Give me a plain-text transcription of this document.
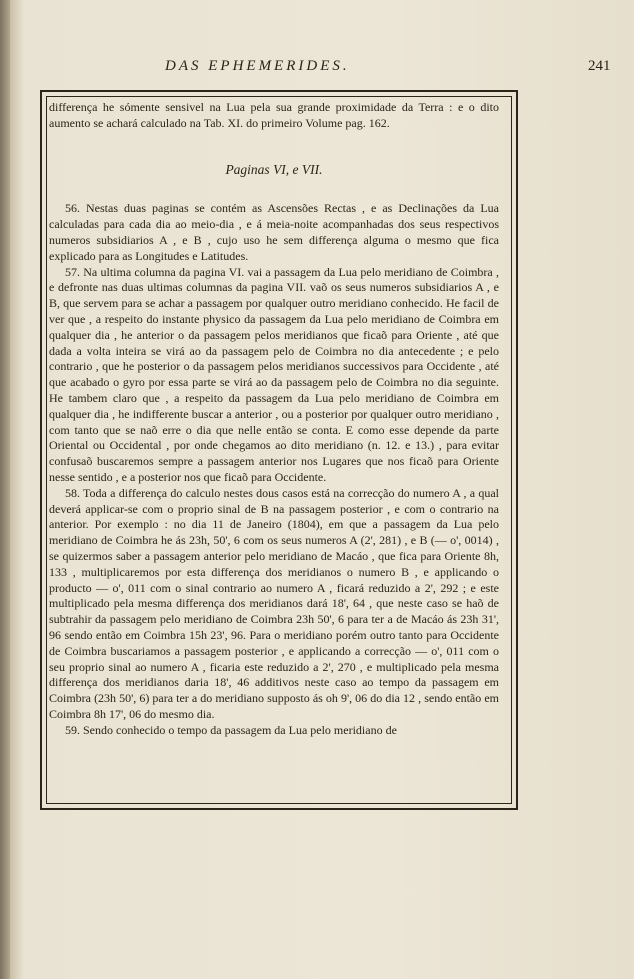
DAS EPHEMERIDES.	241

differença he sómente sensivel na Lua pela sua grande proximidade da Terra : e o dito aumento se achará calculado na Tab. XI. do primeiro Volume pag. 162.

Paginas VI, e VII.

56. Nestas duas paginas se contém as Ascensões Rectas , e as Declinações da Lua calculadas para cada dia ao meio-dia , e á meia-noite acompanhadas dos seus respectivos numeros subsidiarios A , e B , cujo uso he sem differença alguma o mesmo que fica explicado para as Longitudes e Latitudes.

57. Na ultima columna da pagina VI. vai a passagem da Lua pelo meridiano de Coimbra , e defronte nas duas ultimas columnas da pagina VII. vaõ os seus numeros subsidiarios A , e B, que servem para se achar a passagem por qualquer outro meridiano conhecido. He facil de ver que , a respeito do instante physico da passagem da Lua pelo meridiano de Coimbra em qualquer dia , he anterior o da passagem pelos meridianos que ficaõ para Oriente , até que dada a volta inteira se virá ao da passagem pelo de Coimbra no dia antecedente ; e pelo contrario , que he posterior o da passagem pelos meridianos successivos para Occidente , até que acabado o gyro por essa parte se virá ao da passagem pelo de Coimbra no dia seguinte. He tambem claro que , a respeito da passagem da Lua pelo meridiano de Coimbra em qualquer dia , he indifferente buscar a anterior , ou a posterior por qualquer outro meridiano , com tanto que se naõ erre o dia que nelle então se conta. E como esse depende da parte Oriental ou Occidental , por onde chegamos ao dito meridiano (n. 12. e 13.) , para evitar confusaõ buscaremos sempre a passagem anterior nos Lugares que nos ficaõ para Oriente nesse sentido , e a posterior nos que ficaõ para Occidente.

58. Toda a differença do calculo nestes dous casos está na correcção do numero A , a qual deverá applicar-se com o proprio sinal de B na passagem posterior , e com o contrario na anterior. Por exemplo : no dia 11 de Janeiro (1804), em que a passagem da Lua pelo meridiano de Coimbra he ás 23h, 50', 6 com os seus numeros A (2', 281) , e B (— o', 0014) , se quizermos saber a passagem anterior pelo meridiano de Macáo , que fica para Oriente 8h, 133 , multiplicaremos por esta differença dos meridianos o numero B , e applicando o producto — o', 011 com o sinal contrario ao numero A , ficará reduzido a 2', 292 ; e este multiplicado pela mesma differença dos meridianos dará 18', 64 , que neste caso se haõ de subtrahir da passagem pelo meridiano de Coimbra 23h 50', 6 para ter a de Macáo ás 23h 31', 96 sendo então em Coimbra 15h 23', 96. Para o meridiano porém outro tanto para Occidente de Coimbra buscariamos a passagem posterior , e applicando a correcção — o', 011 com o seu proprio sinal ao numero A , ficaria este reduzido a 2', 270 , e multiplicado pela mesma differença dos meridianos daria 18', 46 additivos neste caso ao tempo da passagem em Coimbra (23h 50', 6) para ter a do meridiano supposto ás oh 9', 06 do dia 12 , sendo então em Coimbra 8h 17', 06 do mesmo dia.

59. Sendo conhecido o tempo da passagem da Lua pelo meridiano de
